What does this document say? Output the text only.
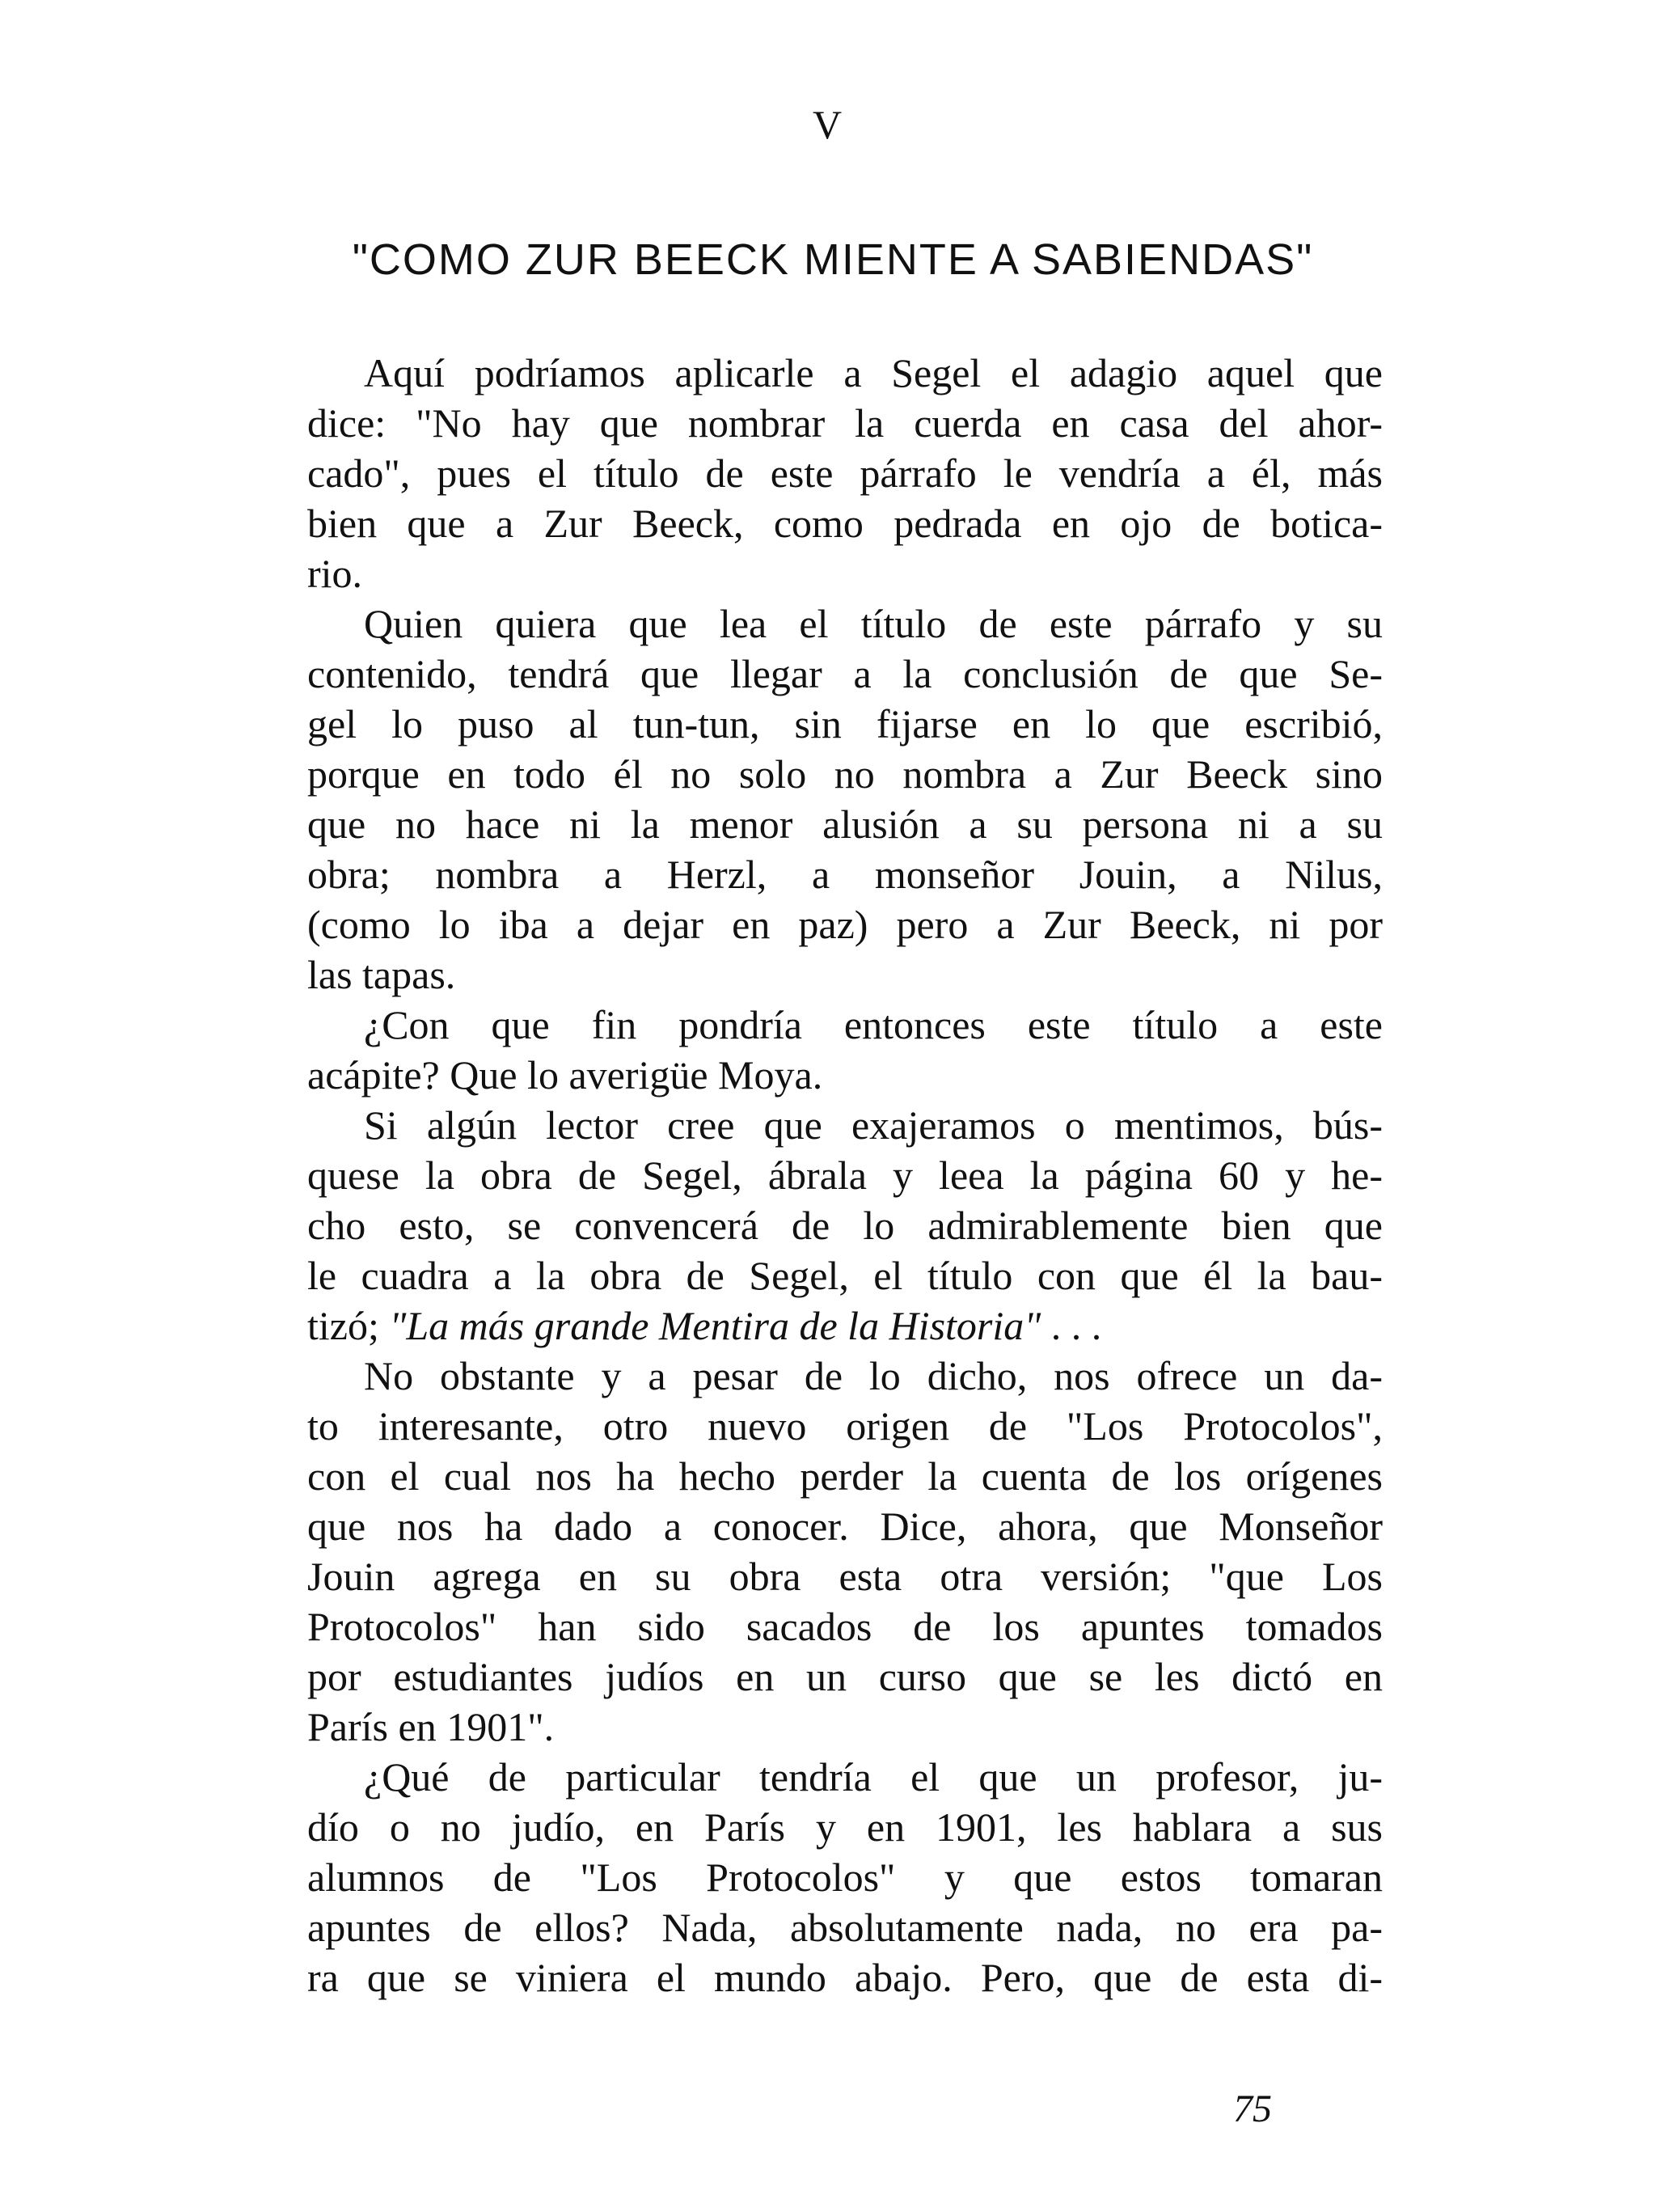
V
"COMO ZUR BEECK MIENTE A SABIENDAS"
Aquí podríamos aplicarle a Segel el adagio aquel que
dice: "No hay que nombrar la cuerda en casa del ahor-
cado", pues el título de este párrafo le vendría a él, más
bien que a Zur Beeck, como pedrada en ojo de botica-
rio.
Quien quiera que lea el título de este párrafo y su
contenido, tendrá que llegar a la conclusión de que Se-
gel lo puso al tun-tun, sin fijarse en lo que escribió,
porque en todo él no solo no nombra a Zur Beeck sino
que no hace ni la menor alusión a su persona ni a su
obra; nombra a Herzl, a monseñor Jouin, a Nilus,
(como lo iba a dejar en paz) pero a Zur Beeck, ni por
las tapas.
¿Con que fin pondría entonces este título a este
acápite? Que lo averigüe Moya.
Si algún lector cree que exajeramos o mentimos, bús-
quese la obra de Segel, ábrala y leea la página 60 y he-
cho esto, se convencerá de lo admirablemente bien que
le cuadra a la obra de Segel, el título con que él la bau-
tizó; "La más grande Mentira de la Historia" . . .
No obstante y a pesar de lo dicho, nos ofrece un da-
to interesante, otro nuevo origen de "Los Protocolos",
con el cual nos ha hecho perder la cuenta de los orígenes
que nos ha dado a conocer. Dice, ahora, que Monseñor
Jouin agrega en su obra esta otra versión; "que Los
Protocolos" han sido sacados de los apuntes tomados
por estudiantes judíos en un curso que se les dictó en
París en 1901".
¿Qué de particular tendría el que un profesor, ju-
dío o no judío, en París y en 1901, les hablara a sus
alumnos de "Los Protocolos" y que estos tomaran
apuntes de ellos? Nada, absolutamente nada, no era pa-
ra que se viniera el mundo abajo. Pero, que de esta di-
75
